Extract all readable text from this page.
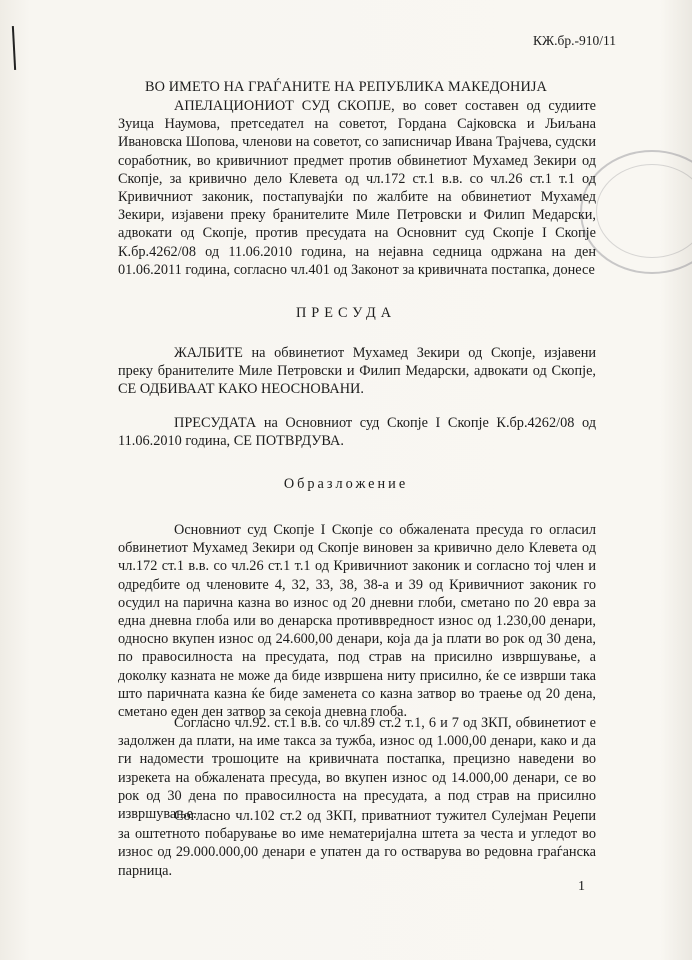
КЖ.бр.-910/11
ВО ИМЕТО НА ГРАЃАНИТЕ НА РЕПУБЛИКА МАКЕДОНИЈА
АПЕЛАЦИОНИОТ СУД СКОПЈЕ, во совет составен од судиите Зуица Наумова, претседател на советот, Гордана Сајковска и Љиљана Ивановска Шопова, членови на советот, со записничар Ивана Трајчева, судски соработник, во кривичниот предмет против обвинетиот Мухамед Зекири од Скопје, за кривично дело Клевета од чл.172 ст.1 в.в. со чл.26 ст.1 т.1 од Кривичниот законик, постапувајќи по жалбите на обвинетиот Мухамед Зекири, изјавени преку бранителите Миле Петровски и Филип Медарски, адвокати од Скопје, против пресудата на Основнит суд Скопје I Скопје К.бр.4262/08 од 11.06.2010 година, на нејавна седница одржана на ден 01.06.2011 година, согласно чл.401 од Законот за кривичната постапка, донесе
ПРЕСУДА
ЖАЛБИТЕ на обвинетиот Мухамед Зекири од Скопје, изјавени преку бранителите Миле Петровски и Филип Медарски, адвокати од Скопје, СЕ ОДБИВААТ КАКО НЕОСНОВАНИ.
ПРЕСУДАТА на Основниот суд Скопје I Скопје К.бр.4262/08 од 11.06.2010 година, СЕ ПОТВРДУВА.
Образложение
Основниот суд Скопје I Скопје со обжалената пресуда го огласил обвинетиот Мухамед Зекири од Скопје виновен за кривично дело Клевета од чл.172 ст.1 в.в. со чл.26 ст.1 т.1 од Кривичниот законик и согласно тој член и одредбите од членовите 4, 32, 33, 38, 38-а и 39 од Кривичниот законик го осудил на парична казна во износ од 20 дневни глоби, сметано по 20 евра за една дневна глоба или во денарска противвредност износ од 1.230,00 денари, односно вкупен износ од 24.600,00 денари, која да ја плати во рок од 30 дена, по правосилноста на пресудата, под страв на присилно извршување, а доколку казната не може да биде извршена ниту присилно, ќе се изврши така што паричната казна ќе биде заменета со казна затвор во траење од 20 дена, сметано еден ден затвор за секоја дневна глоба.
Согласно чл.92. ст.1 в.в. со чл.89 ст.2 т.1, 6 и 7 од ЗКП, обвинетиот е задолжен да плати, на име такса за тужба, износ од 1.000,00 денари, како и да ги надомести трошоците на кривичната постапка, прецизно наведени во изрекета на обжалената пресуда, во вкупен износ од 14.000,00 денари, се во рок од 30 дена по правосилноста на пресудата, а под страв на присилно извршување.
Согласно чл.102 ст.2 од ЗКП, приватниот тужител Сулејман Реџепи за оштетното побарување во име нематеријална штета за честа и угледот во износ од 29.000.000,00 денари е упатен да го остварува во редовна граѓанска парница.
1
